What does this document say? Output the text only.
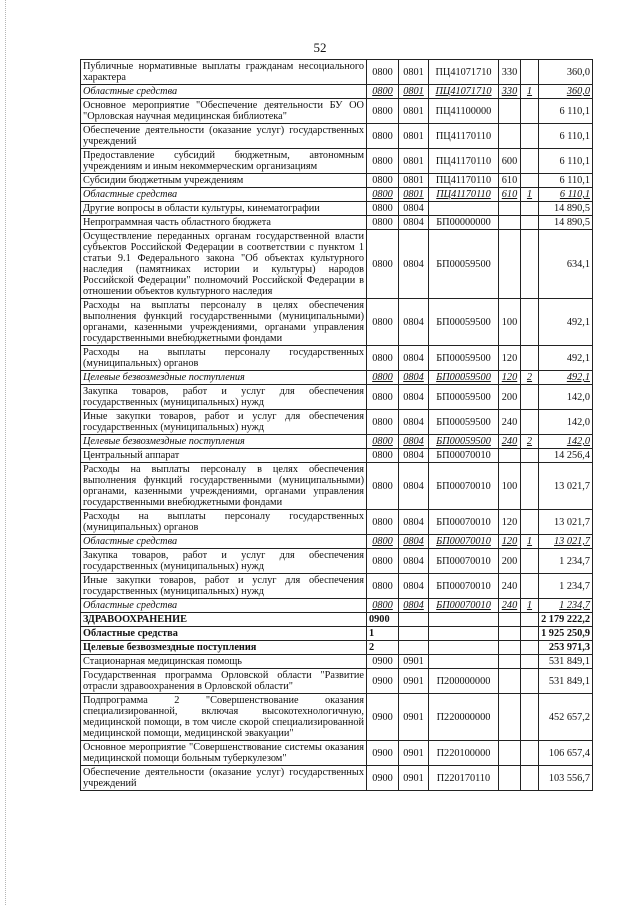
52
Публичные нормативные выплаты гражданам несоциального характера	0800	0801	ПЦ41071710	330		360,0
Областные средства	0800	0801	ПЦ41071710	330	1	360,0
Основное мероприятие "Обеспечение деятельности БУ ОО "Орловская научная медицинская библиотека"	0800	0801	ПЦ41100000			6 110,1
Обеспечение деятельности (оказание услуг) государственных учреждений	0800	0801	ПЦ41170110			6 110,1
Предоставление субсидий бюджетным, автономным учреждениям и иным некоммерческим организациям	0800	0801	ПЦ41170110	600		6 110,1
Субсидии бюджетным учреждениям	0800	0801	ПЦ41170110	610		6 110,1
Областные средства	0800	0801	ПЦ41170110	610	1	6 110,1
Другие вопросы в области культуры, кинематографии	0800	0804				14 890,5
Непрограммная часть областного бюджета	0800	0804	БП00000000			14 890,5
Осуществление переданных органам государственной власти субъектов Российской Федерации в соответствии с пунктом 1 статьи 9.1 Федерального закона "Об объектах культурного наследия (памятниках истории и культуры) народов Российской Федерации" полномочий Российской Федерации в отношении объектов культурного наследия	0800	0804	БП00059500			634,1
Расходы на выплаты персоналу в целях обеспечения выполнения функций государственными (муниципальными) органами, казенными учреждениями, органами управления государственными внебюджетными фондами	0800	0804	БП00059500	100		492,1
Расходы на выплаты персоналу государственных (муниципальных) органов	0800	0804	БП00059500	120		492,1
Целевые безвозмездные поступления	0800	0804	БП00059500	120	2	492,1
Закупка товаров, работ и услуг для обеспечения государственных (муниципальных) нужд	0800	0804	БП00059500	200		142,0
Иные закупки товаров, работ и услуг для обеспечения государственных (муниципальных) нужд	0800	0804	БП00059500	240		142,0
Целевые безвозмездные поступления	0800	0804	БП00059500	240	2	142,0
Центральный аппарат	0800	0804	БП00070010			14 256,4
Расходы на выплаты персоналу в целях обеспечения выполнения функций государственными (муниципальными) органами, казенными учреждениями, органами управления государственными внебюджетными фондами	0800	0804	БП00070010	100		13 021,7
Расходы на выплаты персоналу государственных (муниципальных) органов	0800	0804	БП00070010	120		13 021,7
Областные средства	0800	0804	БП00070010	120	1	13 021,7
Закупка товаров, работ и услуг для обеспечения государственных (муниципальных) нужд	0800	0804	БП00070010	200		1 234,7
Иные закупки товаров, работ и услуг для обеспечения государственных (муниципальных) нужд	0800	0804	БП00070010	240		1 234,7
Областные средства	0800	0804	БП00070010	240	1	1 234,7
ЗДРАВООХРАНЕНИЕ	0900					2 179 222,2
Областные средства	1					1 925 250,9
Целевые безвозмездные поступления	2					253 971,3
Стационарная медицинская помощь	0900	0901				531 849,1
Государственная программа Орловской области "Развитие отрасли здравоохранения в Орловской области"	0900	0901	П200000000			531 849,1
Подпрограмма 2 "Совершенствование оказания специализированной, включая высокотехнологичную, медицинской помощи, в том числе скорой специализированной медицинской помощи, медицинской эвакуации"	0900	0901	П220000000			452 657,2
Основное мероприятие "Совершенствование системы оказания медицинской помощи больным туберкулезом"	0900	0901	П220100000			106 657,4
Обеспечение деятельности (оказание услуг) государственных учреждений	0900	0901	П220170110			103 556,7
